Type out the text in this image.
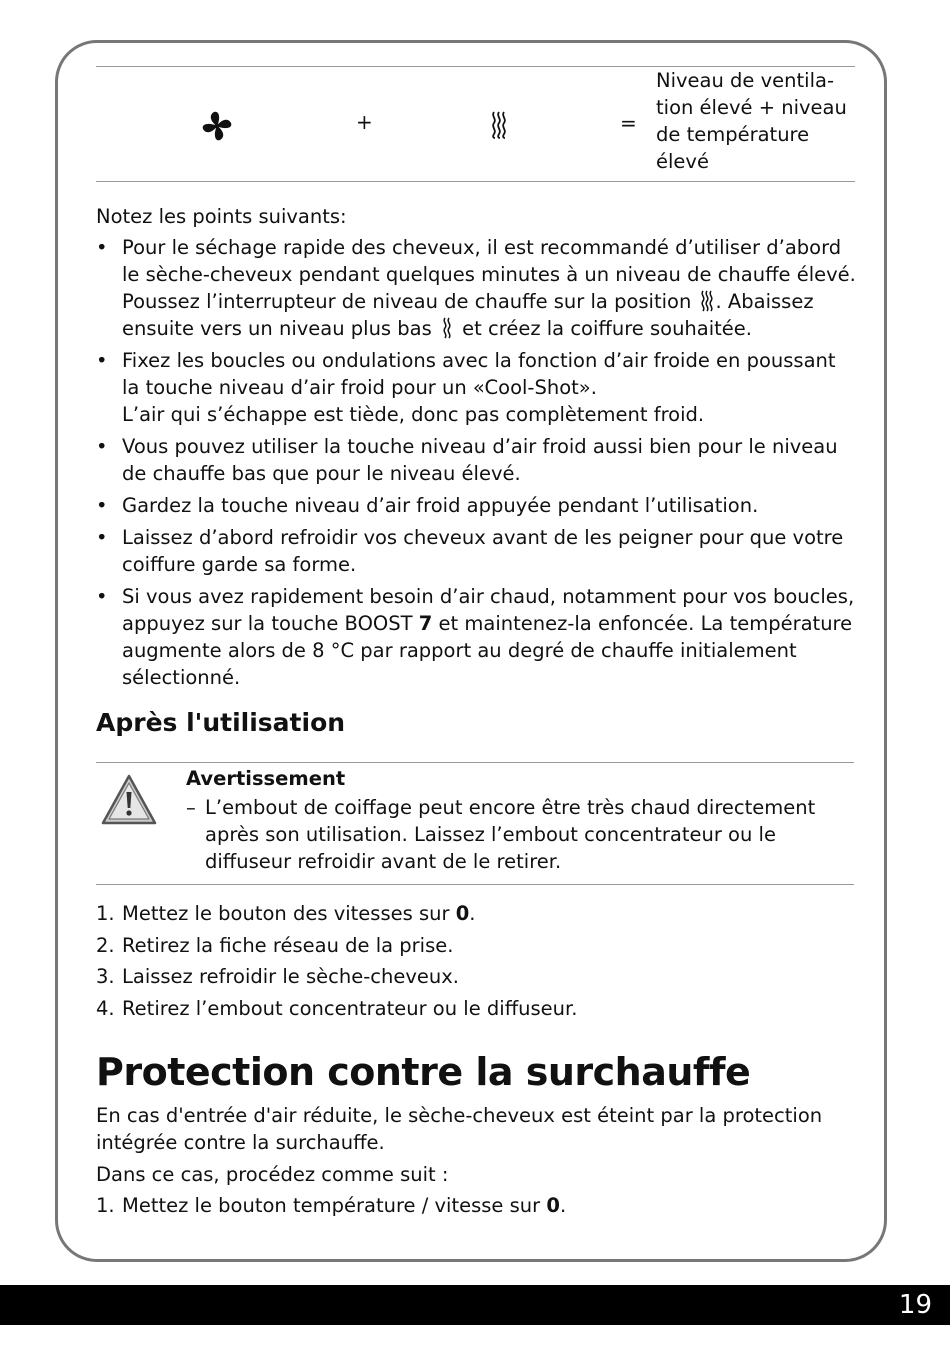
+	=
Niveau de ventila-
tion élevé + niveau
de température
élevé
Notez les points suivants:
• Pour le séchage rapide des cheveux, il est recommandé d’utiliser d’abord le sèche-cheveux pendant quelques minutes à un niveau de chauffe élevé. Poussez l’interrupteur de niveau de chauffe sur la position . Abaissez ensuite vers un niveau plus bas  et créez la coiffure souhaitée.
• Fixez les boucles ou ondulations avec la fonction d’air froide en poussant la touche niveau d’air froid pour un «Cool-Shot».
L’air qui s’échappe est tiède, donc pas complètement froid.
• Vous pouvez utiliser la touche niveau d’air froid aussi bien pour le niveau de chauffe bas que pour le niveau élevé.
• Gardez la touche niveau d’air froid appuyée pendant l’utilisation.
• Laissez d’abord refroidir vos cheveux avant de les peigner pour que votre coiffure garde sa forme.
• Si vous avez rapidement besoin d’air chaud, notamment pour vos boucles, appuyez sur la touche BOOST 7 et maintenez-la enfoncée. La température augmente alors de 8 °C par rapport au degré de chauffe initialement sélectionné.
Après l'utilisation
Avertissement
– L’embout de coiffage peut encore être très chaud directement après son utilisation. Laissez l’embout concentrateur ou le diffuseur refroidir avant de le retirer.
1. Mettez le bouton des vitesses sur 0.
2. Retirez la fiche réseau de la prise.
3. Laissez refroidir le sèche-cheveux.
4. Retirez l’embout concentrateur ou le diffuseur.
Protection contre la surchauffe
En cas d'entrée d'air réduite, le sèche-cheveux est éteint par la protection intégrée contre la surchauffe.
Dans ce cas, procédez comme suit :
1. Mettez le bouton température / vitesse sur 0.
19
